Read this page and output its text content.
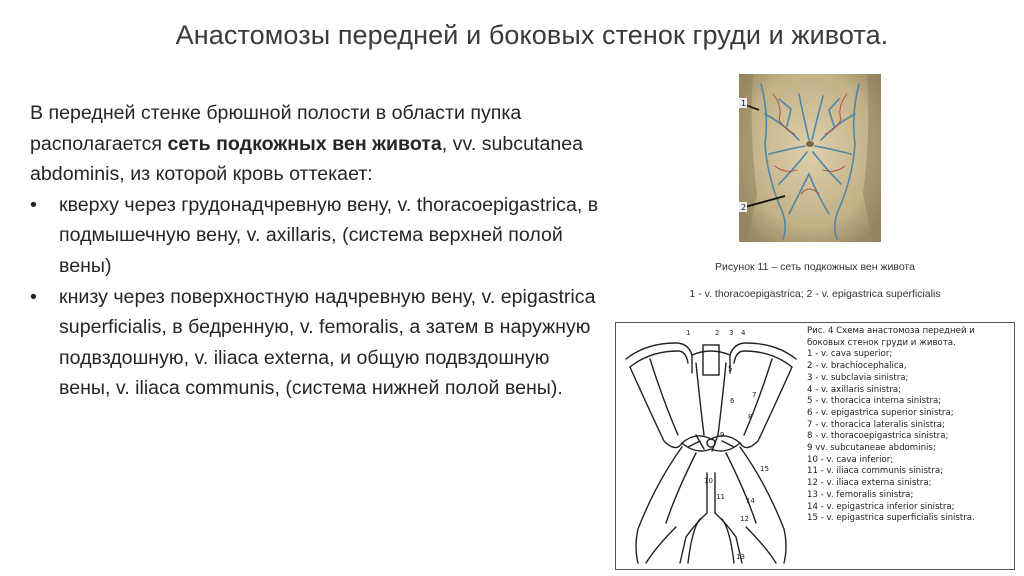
Анастомозы передней и боковых стенок груди и живота.

В передней стенке брюшной полости в области пупка располагается сеть подкожных вен живота, vv. subcutanea abdominis, из которой кровь оттекает:

• кверху через грудонадчревную вену, v. thoracoepigastrica, в подмышечную вену, v. axillaris, (система верхней полой вены)
• книзу через поверхностную надчревную вену, v. epigastrica superficialis, в бедренную, v. femoralis, а затем в наружную подвздошную, v. iliaca externa, и общую подвздошную вены, v. iliaca communis, (система нижней полой вены).
1
2
Рисунок 11 – сеть подкожных вен живота
1 - v. thoracoepigastrica; 2 - v. epigastrica superficialis
1	2 3 4
5
6
7
8
9
10
11
12
13
14
15
Рис. 4 Схема анастомоза передней и
боковых стенок груди и живота.
1 - v. cava superior;
2 - v. brachiocephalica,
3 - v. subclavia sinistra;
4 - v. axillaris sinistra;
5 - v. thoracica interna sinistra;
6 - v. epigastrica superior sinistra;
7 - v. thoracica lateralis sinistra;
8 - v. thoracoepigastrica sinistra;
9 vv. subcutaneae abdominis;
10 - v. cava inferior;
11 - v. iliaca communis sinistra;
12 - v. iliaca externa sinistra;
13 - v. femoralis sinistra;
14 - v. epigastrica inferior sinistra;
15 - v. epigastrica superficialis sinistra.
